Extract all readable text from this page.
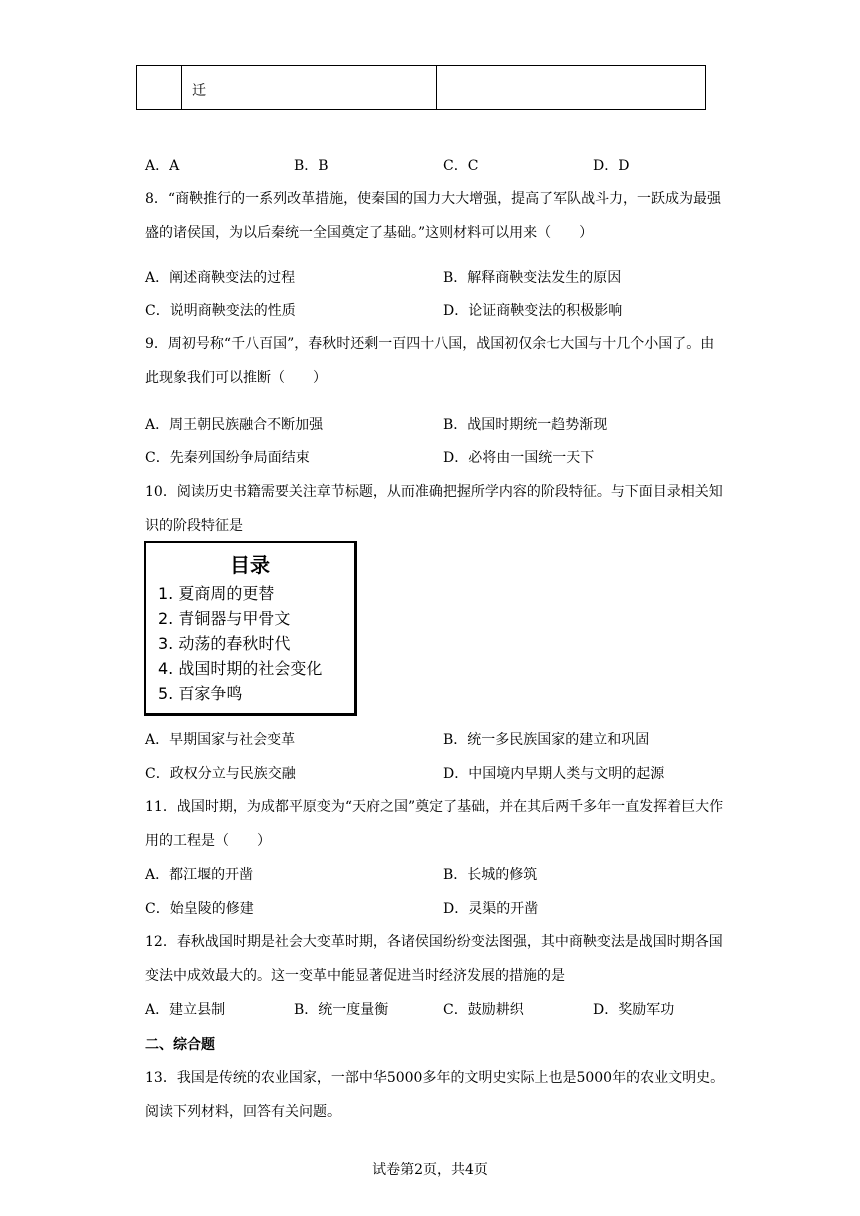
迁
A．A	B．B	C．C	D．D
8．“商鞅推行的一系列改革措施，使秦国的国力大大增强，提高了军队战斗力，一跃成为最强盛的诸侯国，为以后秦统一全国奠定了基础。”这则材料可以用来（　　）
A．阐述商鞅变法的过程	B．解释商鞅变法发生的原因
C．说明商鞅变法的性质	D．论证商鞅变法的积极影响
9．周初号称“千八百国”，春秋时还剩一百四十八国，战国初仅余七大国与十几个小国了。由此现象我们可以推断（　　）
A．周王朝民族融合不断加强	B．战国时期统一趋势渐现
C．先秦列国纷争局面结束	D．必将由一国统一天下
10．阅读历史书籍需要关注章节标题，从而准确把握所学内容的阶段特征。与下面目录相关知识的阶段特征是
目录
1. 夏商周的更替
2. 青铜器与甲骨文
3. 动荡的春秋时代
4. 战国时期的社会变化
5. 百家争鸣
A．早期国家与社会变革	B．统一多民族国家的建立和巩固
C．政权分立与民族交融	D．中国境内早期人类与文明的起源
11．战国时期，为成都平原变为“天府之国”奠定了基础，并在其后两千多年一直发挥着巨大作用的工程是（　　）
A．都江堰的开凿	B．长城的修筑
C．始皇陵的修建	D．灵渠的开凿
12．春秋战国时期是社会大变革时期，各诸侯国纷纷变法图强，其中商鞅变法是战国时期各国变法中成效最大的。这一变革中能显著促进当时经济发展的措施的是
A．建立县制	B．统一度量衡	C．鼓励耕织	D．奖励军功
二、综合题
13．我国是传统的农业国家，一部中华5000多年的文明史实际上也是5000年的农业文明史。阅读下列材料，回答有关问题。
试卷第2页，共4页
